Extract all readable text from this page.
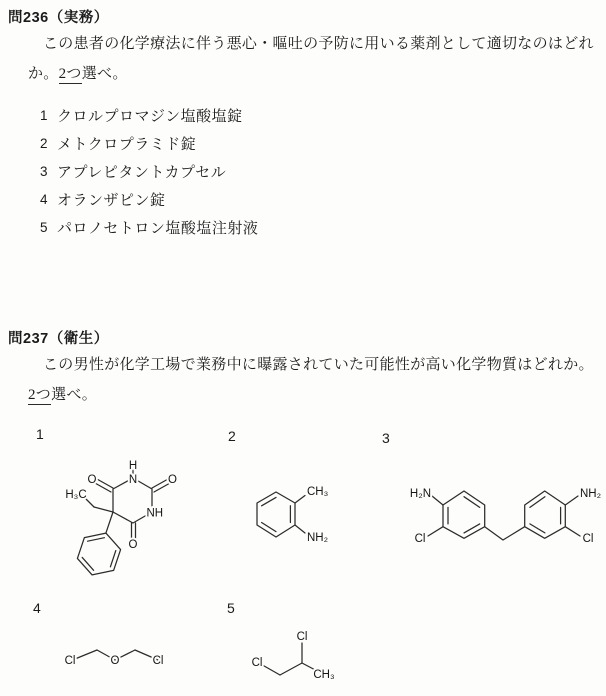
問236（実務）
この患者の化学療法に伴う悪心・嘔吐の予防に用いる薬剤として適切なのはどれ
か。2つ選べ。
1 クロルプロマジン塩酸塩錠
2 メトクロプラミド錠
3 アプレピタントカプセル
4 オランザピン錠
5 パロノセトロン塩酸塩注射液
問237（衛生）
この男性が化学工場で業務中に曝露されていた可能性が高い化学物質はどれか。
2つ選べ。
1	2	3
4	5
H
N	O
O
O
NH
H₃C	CH₃
NH₂
H₂N
Cl
NH₂
Cl
Cl	O	Cl
Cl
Cl
CH₃
